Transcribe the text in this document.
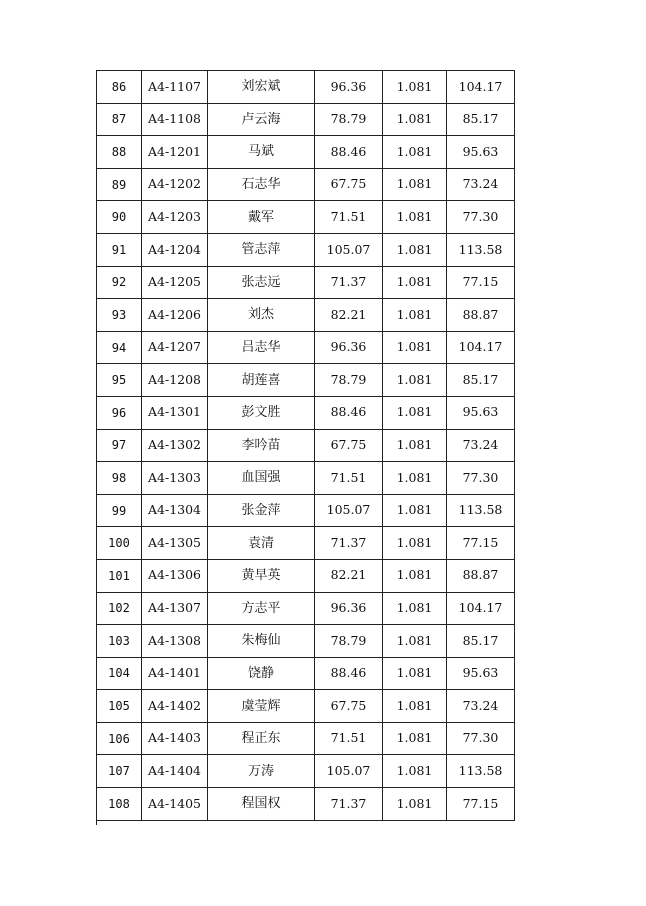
86	A4-1107	刘宏斌	96.36	1.081	104.17
87	A4-1108	卢云海	78.79	1.081	85.17
88	A4-1201	马斌	88.46	1.081	95.63
89	A4-1202	石志华	67.75	1.081	73.24
90	A4-1203	戴军	71.51	1.081	77.30
91	A4-1204	管志萍	105.07	1.081	113.58
92	A4-1205	张志远	71.37	1.081	77.15
93	A4-1206	刘杰	82.21	1.081	88.87
94	A4-1207	吕志华	96.36	1.081	104.17
95	A4-1208	胡莲喜	78.79	1.081	85.17
96	A4-1301	彭文胜	88.46	1.081	95.63
97	A4-1302	李吟苗	67.75	1.081	73.24
98	A4-1303	血国强	71.51	1.081	77.30
99	A4-1304	张金萍	105.07	1.081	113.58
100	A4-1305	袁清	71.37	1.081	77.15
101	A4-1306	黄早英	82.21	1.081	88.87
102	A4-1307	方志平	96.36	1.081	104.17
103	A4-1308	朱梅仙	78.79	1.081	85.17
104	A4-1401	饶静	88.46	1.081	95.63
105	A4-1402	虞莹辉	67.75	1.081	73.24
106	A4-1403	程正东	71.51	1.081	77.30
107	A4-1404	万涛	105.07	1.081	113.58
108	A4-1405	程国权	71.37	1.081	77.15
